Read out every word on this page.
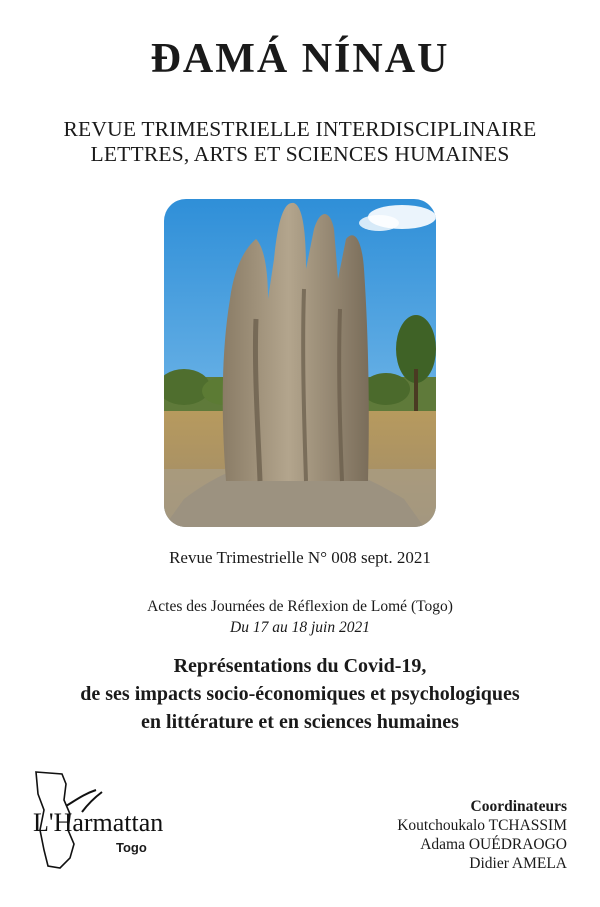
ĐAMÁ NÍNAU
REVUE TRIMESTRIELLE INTERDISCIPLINAIRE
LETTRES, ARTS ET SCIENCES HUMAINES
Revue Trimestrielle N° 008 sept. 2021
Actes des Journées de Réflexion de Lomé (Togo)
Du 17 au 18 juin 2021
Représentations du Covid-19,
de ses impacts socio-économiques et psychologiques
en littérature et en sciences humaines
L'Harmattan
Togo
Coordinateurs
Koutchoukalo TCHASSIM
Adama OUÉDRAOGO
Didier AMELA
